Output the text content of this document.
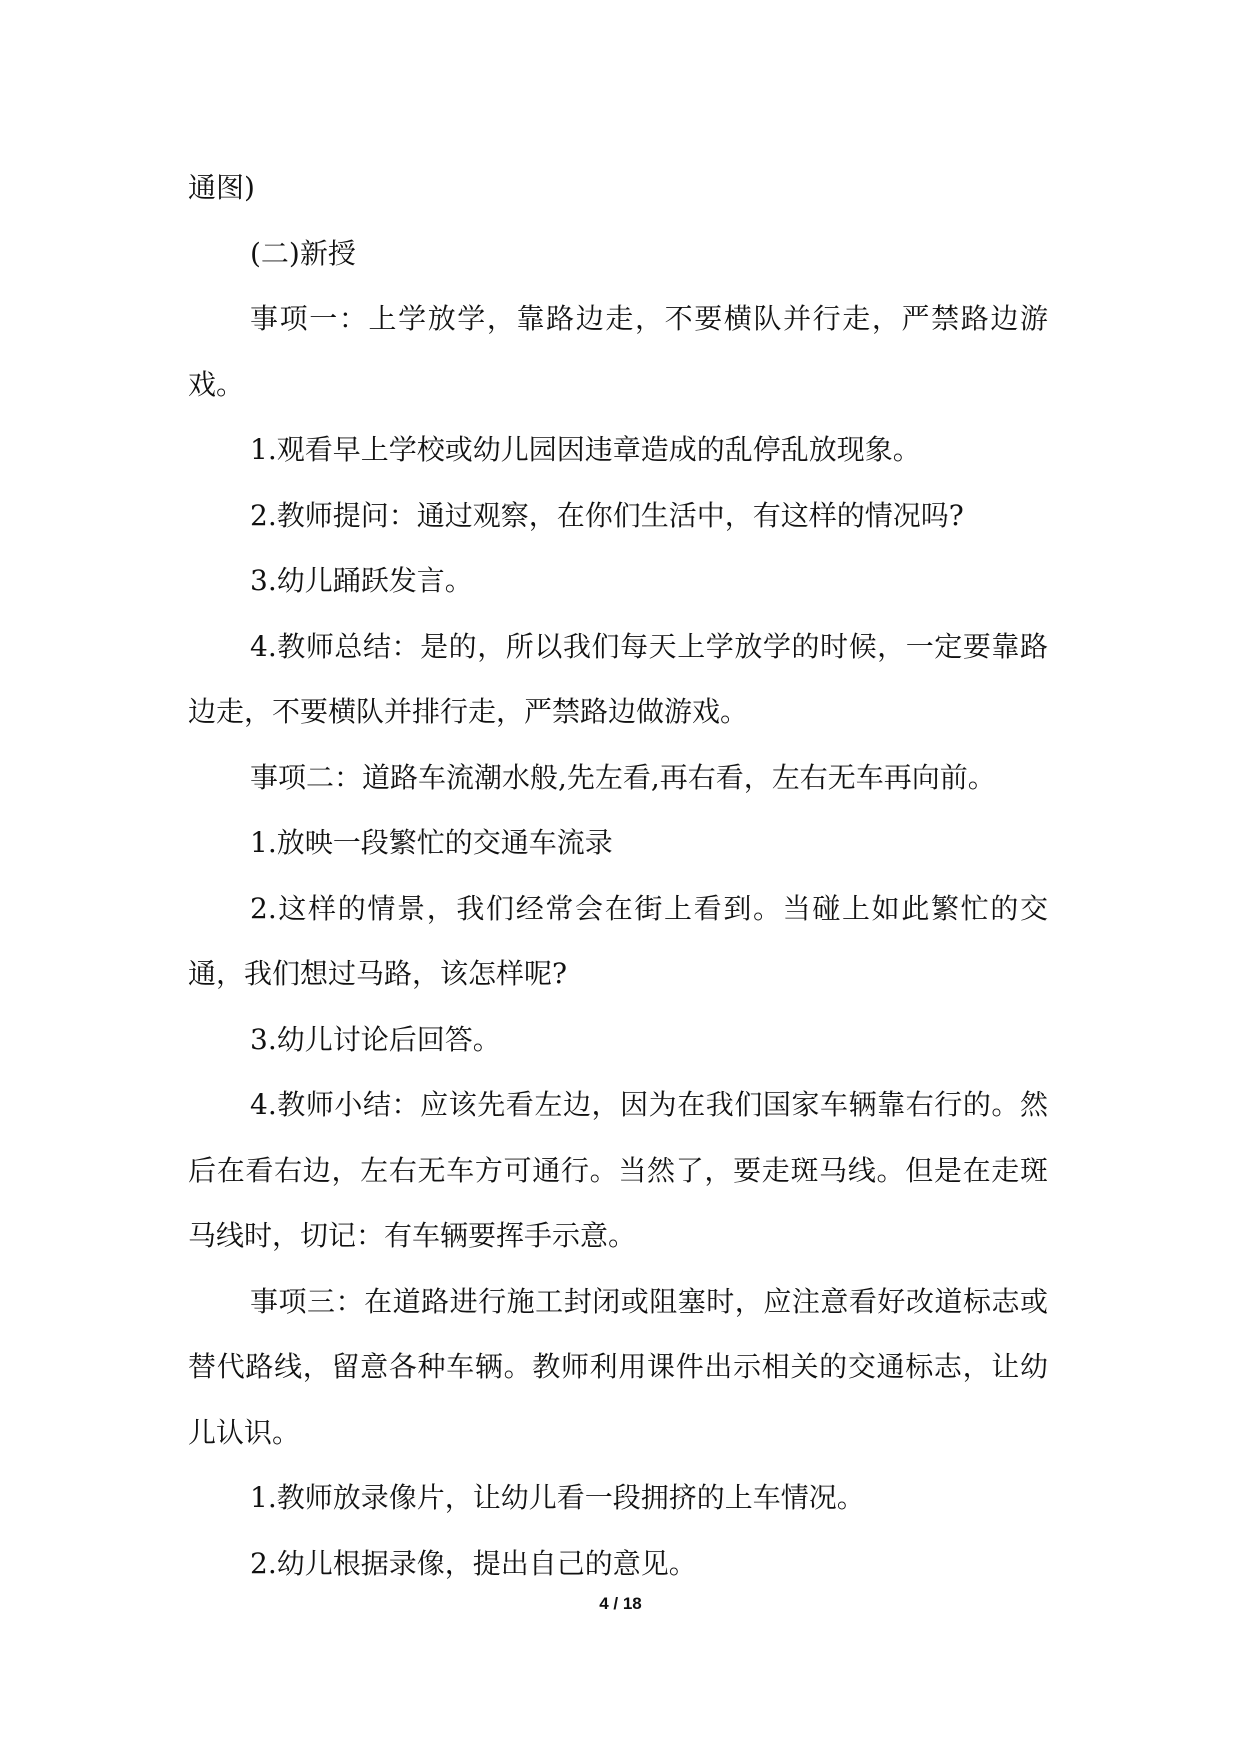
通图)

(二)新授

事项一：上学放学，靠路边走，不要横队并行走，严禁路边游戏。

1.观看早上学校或幼儿园因违章造成的乱停乱放现象。

2.教师提问：通过观察，在你们生活中，有这样的情况吗?

3.幼儿踊跃发言。

4.教师总结：是的，所以我们每天上学放学的时候，一定要靠路边走，不要横队并排行走，严禁路边做游戏。

事项二：道路车流潮水般,先左看,再右看，左右无车再向前。

1.放映一段繁忙的交通车流录

2.这样的情景，我们经常会在街上看到。当碰上如此繁忙的交通，我们想过马路，该怎样呢?

3.幼儿讨论后回答。

4.教师小结：应该先看左边，因为在我们国家车辆靠右行的。然后在看右边，左右无车方可通行。当然了，要走斑马线。但是在走斑马线时，切记：有车辆要挥手示意。

事项三：在道路进行施工封闭或阻塞时，应注意看好改道标志或替代路线，留意各种车辆。教师利用课件出示相关的交通标志，让幼儿认识。

1.教师放录像片，让幼儿看一段拥挤的上车情况。

2.幼儿根据录像，提出自己的意见。

4 / 18
